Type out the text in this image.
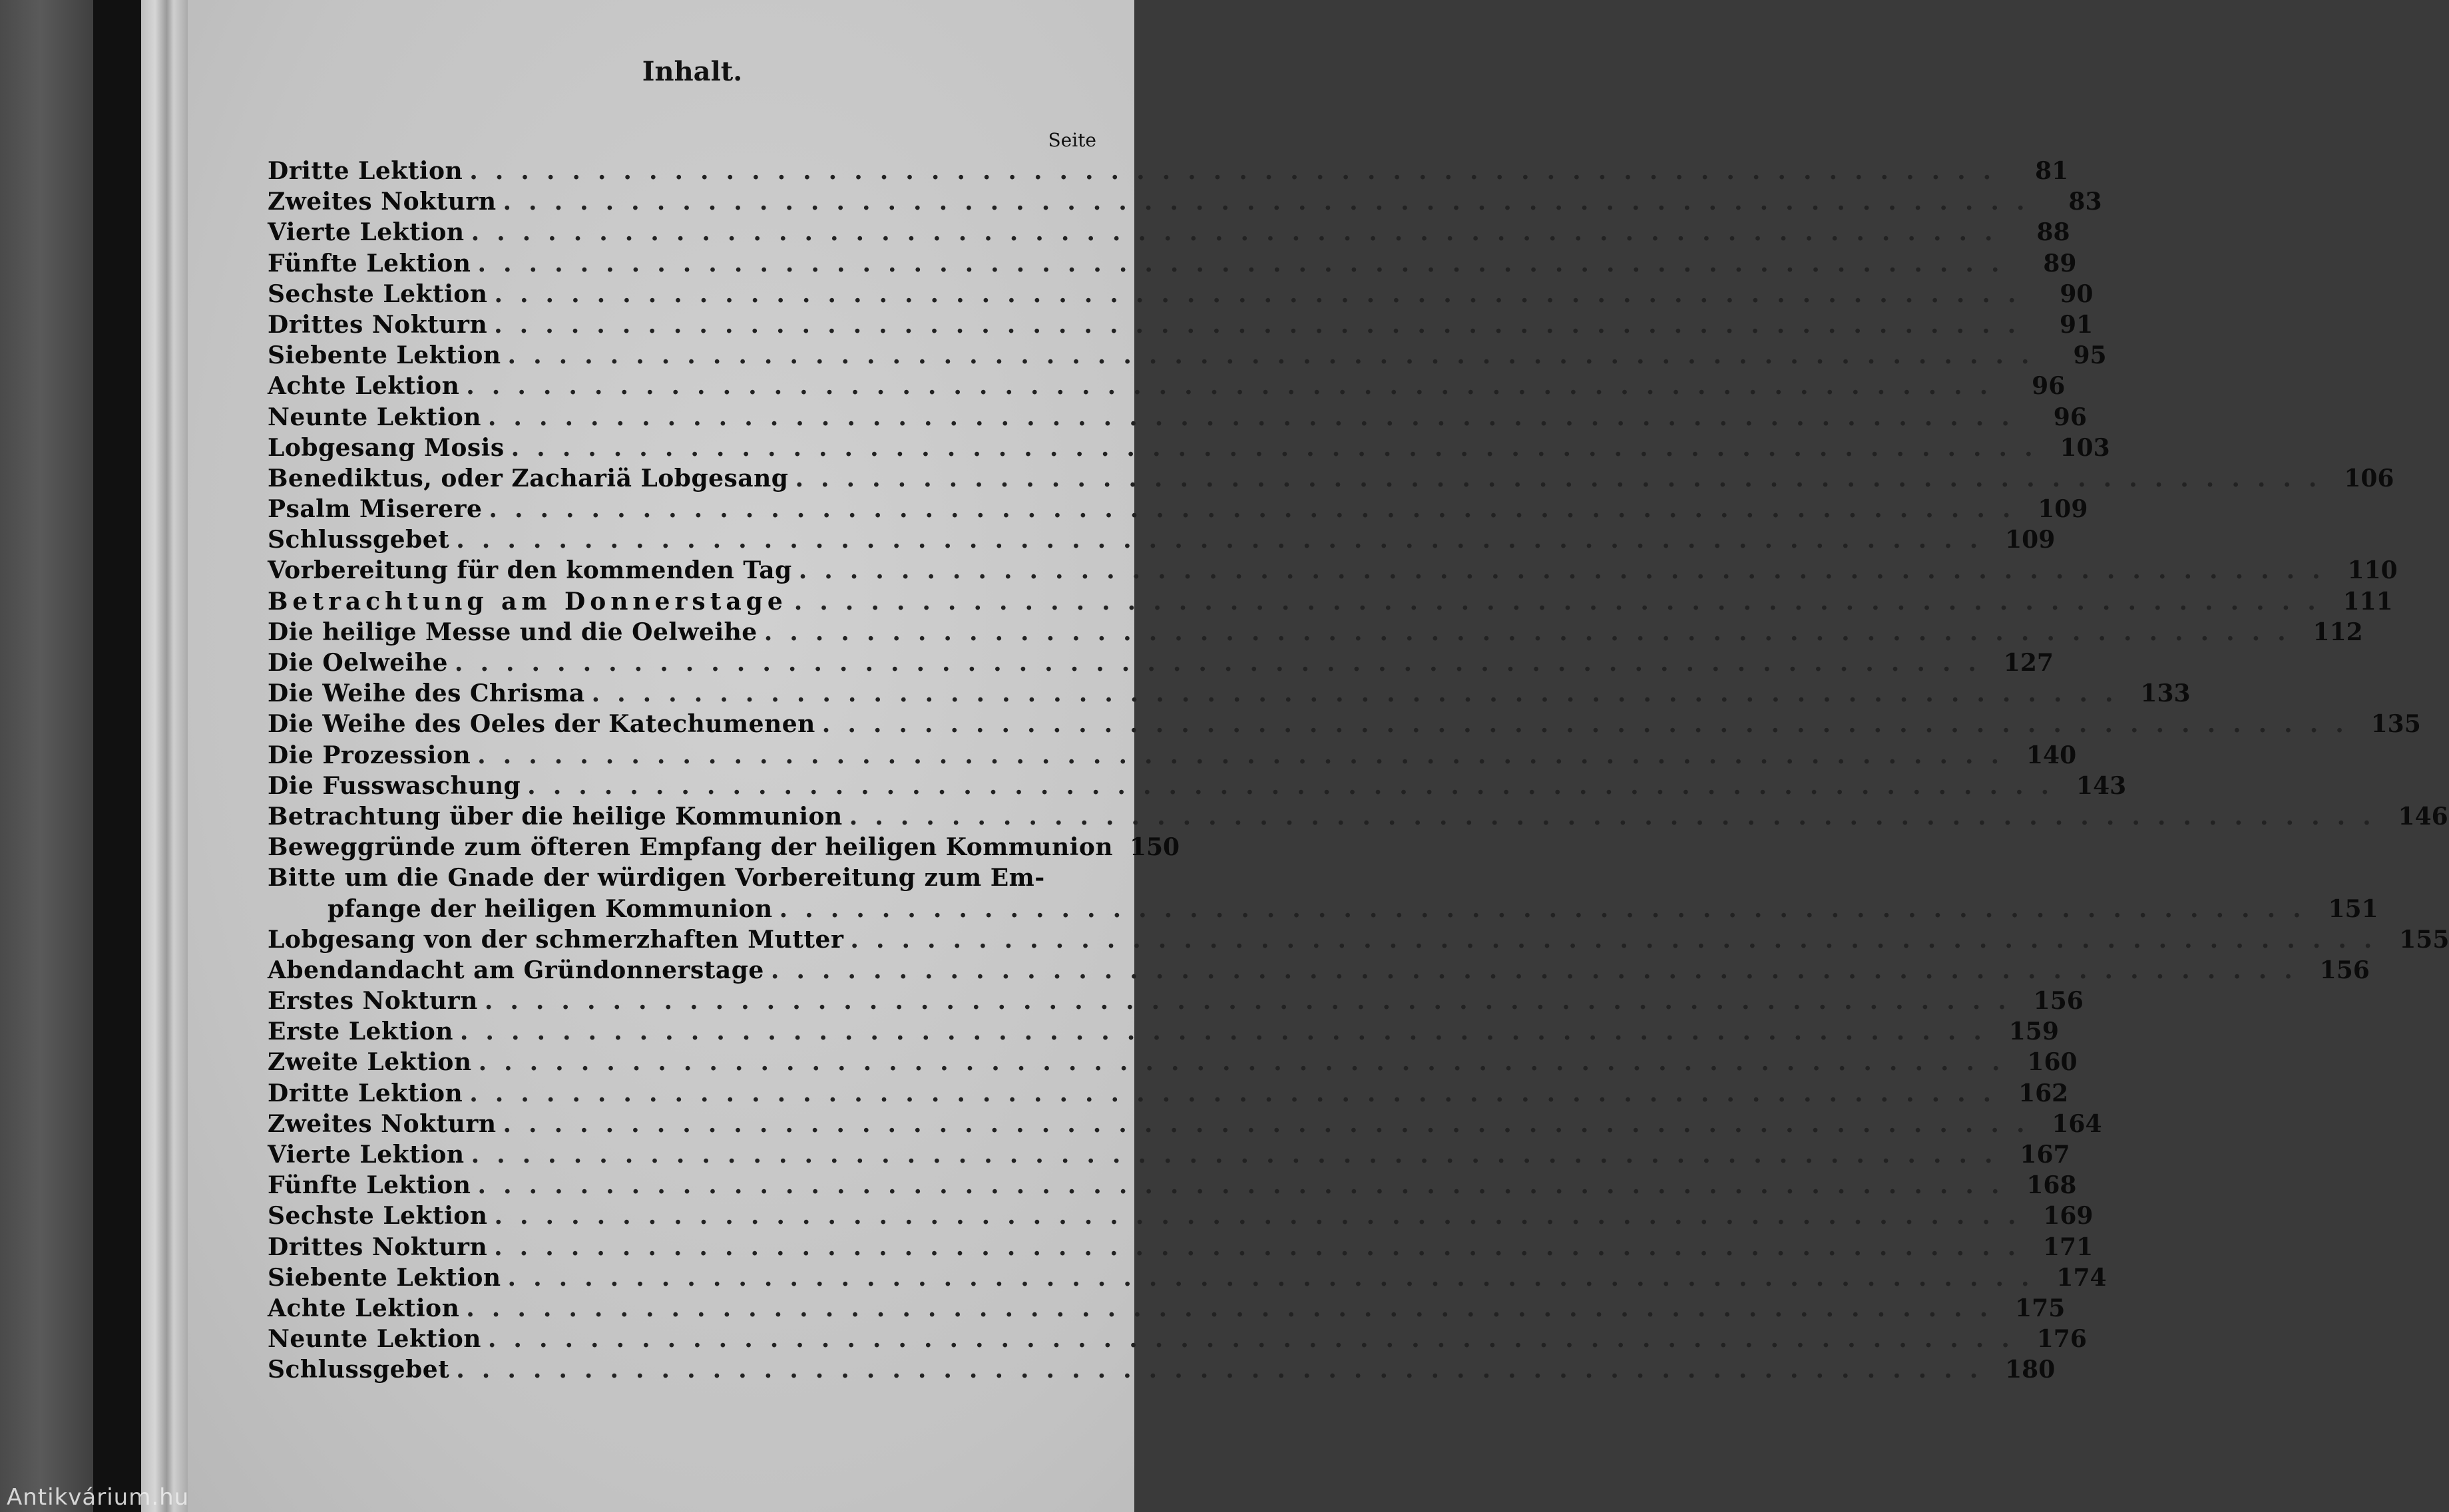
Inhalt.
Seite
Dritte Lektion ............................................................	81
Zweites Nokturn ............................................................	83
Vierte Lektion ............................................................	88
Fünfte Lektion ............................................................	89
Sechste Lektion ............................................................	90
Drittes Nokturn ............................................................	91
Siebente Lektion ............................................................	95
Achte Lektion ............................................................	96
Neunte Lektion ............................................................	96
Lobgesang Mosis ............................................................ 103
Benediktus, oder Zachariä Lobgesang ............................................................ 106
Psalm Miserere ............................................................ 109
Schlussgebet ............................................................ 109
Vorbereitung für den kommenden Tag ............................................................ 110
Betrachtung am Donnerstage ............................................................ 111
Die heilige Messe und die Oelweihe ............................................................ 112
Die Oelweihe ............................................................ 127
Die Weihe des Chrisma ............................................................ 133
Die Weihe des Oeles der Katechumenen ............................................................ 135
Die Prozession ............................................................ 140
Die Fusswaschung ............................................................ 143
Betrachtung über die heilige Kommunion ............................................................ 146
Beweggründe zum öfteren Empfang der heiligen Kommunion 150
Bitte um die Gnade der würdigen Vorbereitung zum Em-
pfange der heiligen Kommunion ............................................................ 151
Lobgesang von der schmerzhaften Mutter ............................................................ 155
Abendandacht am Gründonnerstage ............................................................ 156
Erstes Nokturn ............................................................ 156
Erste Lektion ............................................................ 159
Zweite Lektion ............................................................ 160
Dritte Lektion ............................................................ 162
Zweites Nokturn ............................................................ 164
Vierte Lektion ............................................................ 167
Fünfte Lektion ............................................................ 168
Sechste Lektion ............................................................ 169
Drittes Nokturn ............................................................ 171
Siebente Lektion ............................................................ 174
Achte Lektion ............................................................ 175
Neunte Lektion ............................................................ 176
Schlussgebet ............................................................ 180
Antikvárium.hu
